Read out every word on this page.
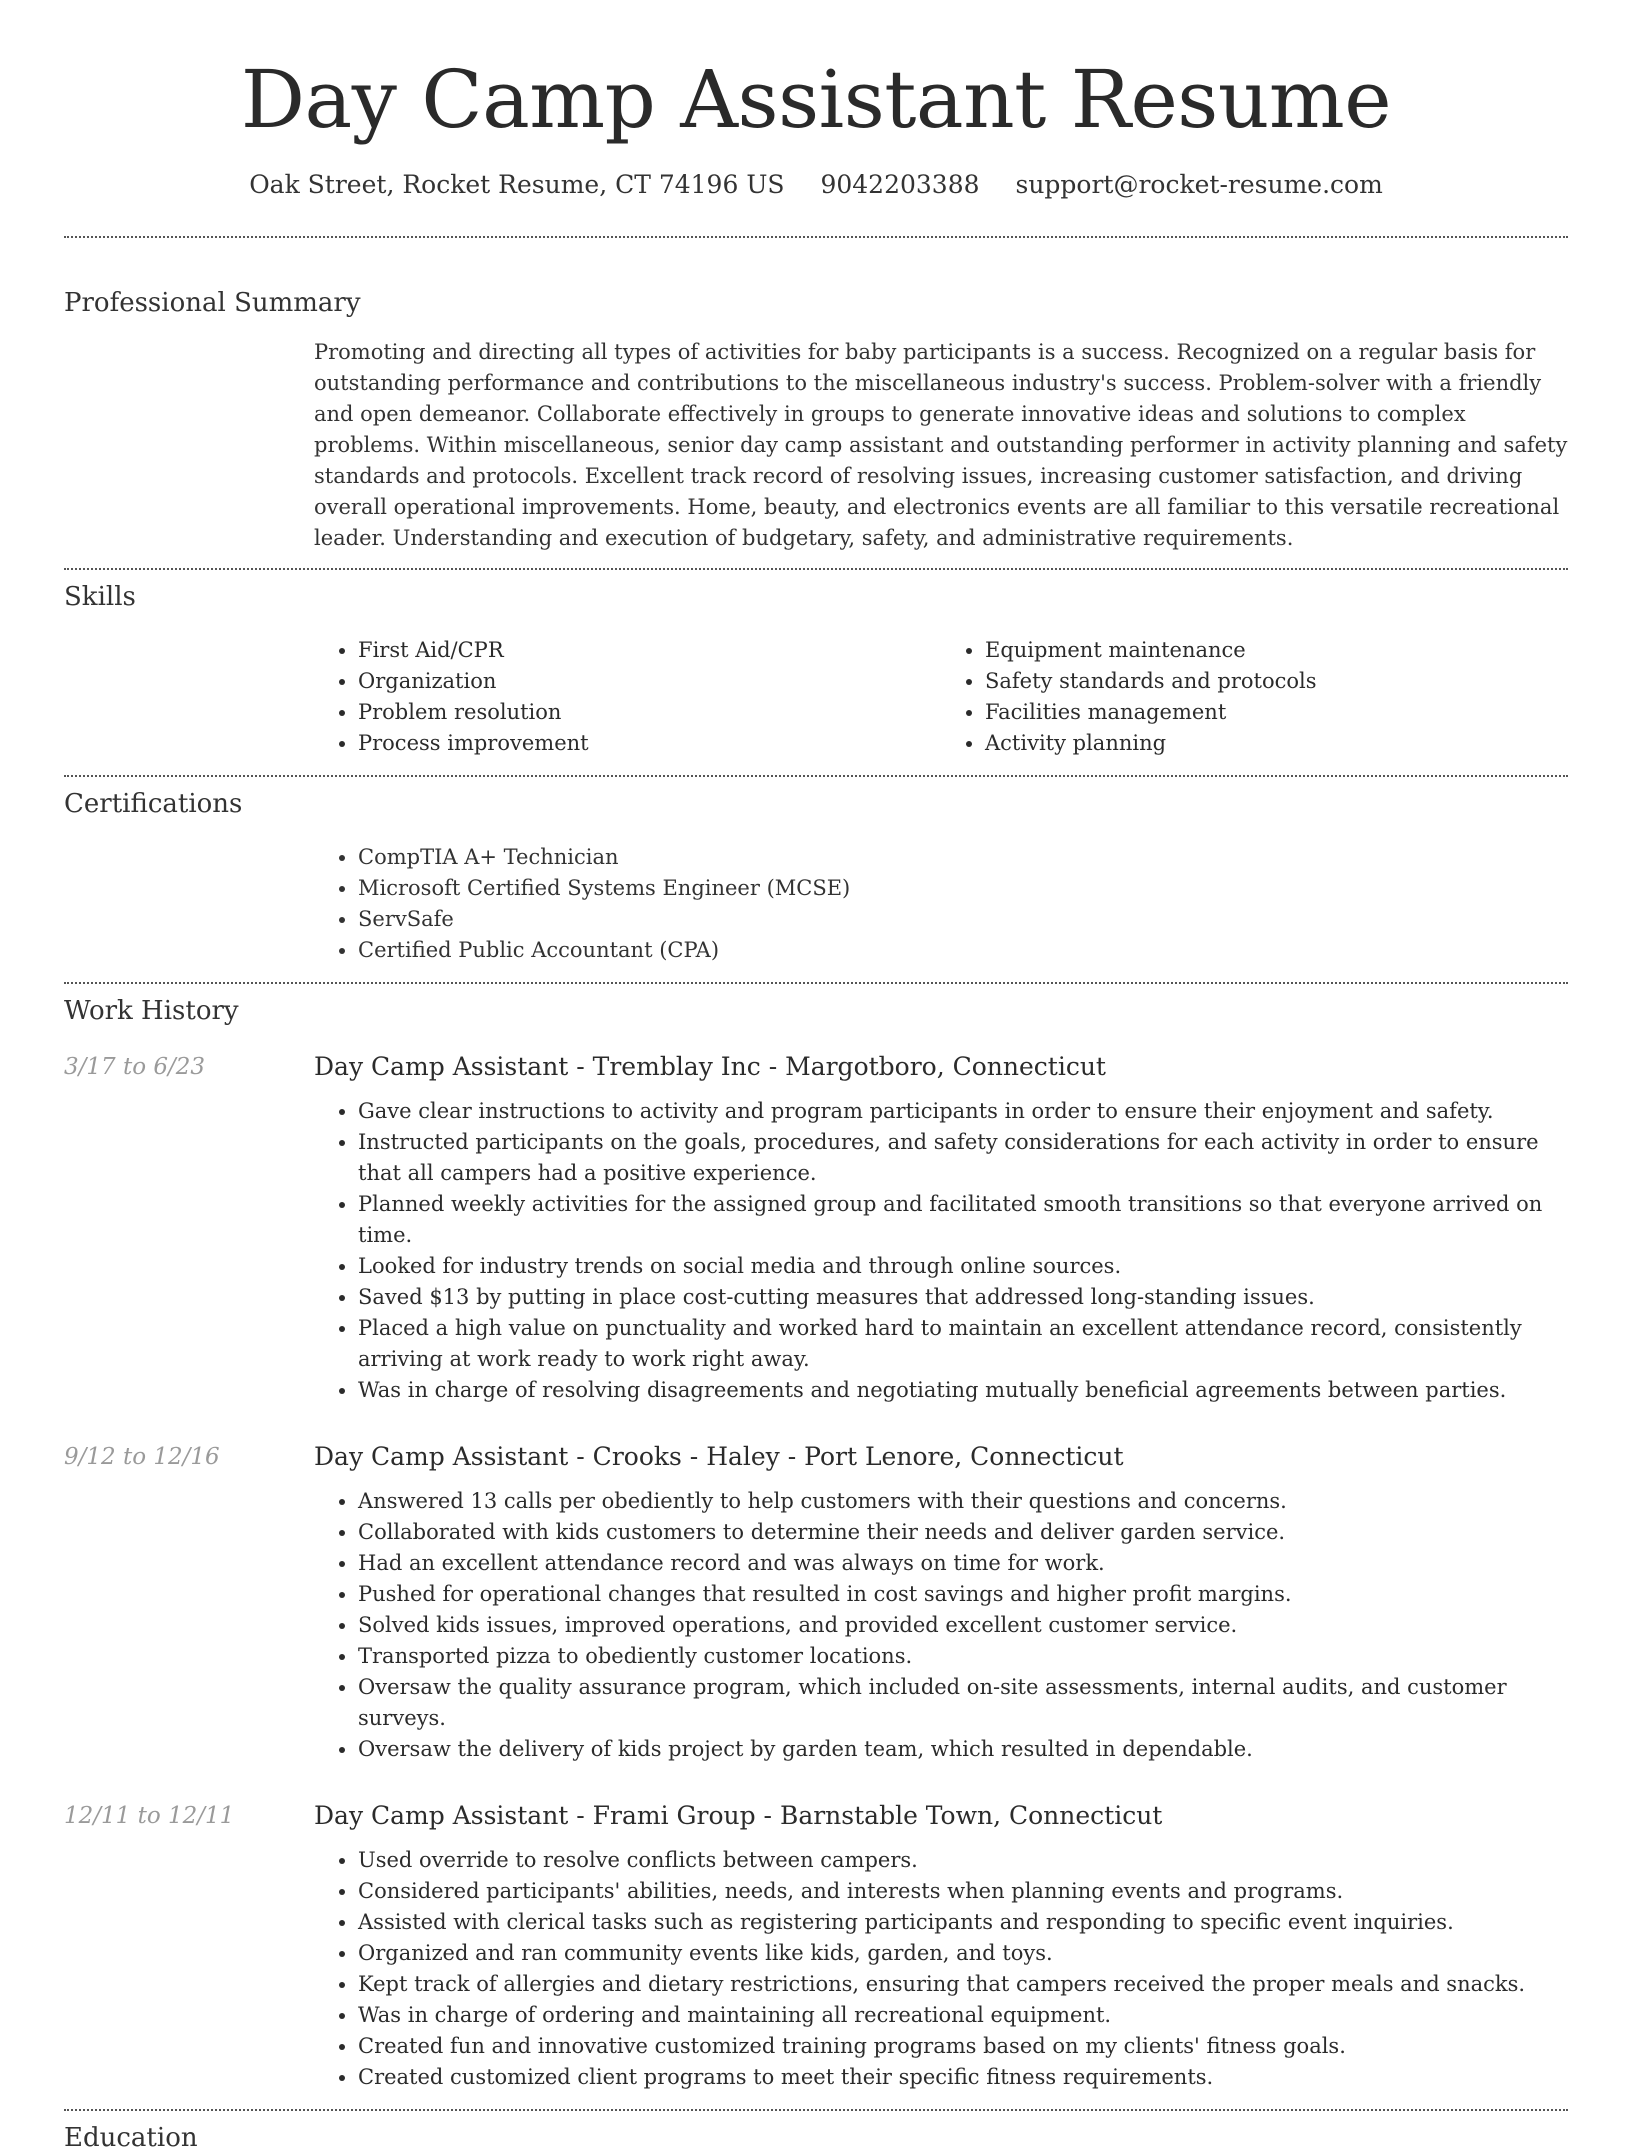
Day Camp Assistant Resume
Oak Street, Rocket Resume, CT 74196 US 9042203388 support@rocket-resume.com
Professional Summary
Promoting and directing all types of activities for baby participants is a success. Recognized on a regular basis for outstanding performance and contributions to the miscellaneous industry's success. Problem-solver with a friendly and open demeanor. Collaborate effectively in groups to generate innovative ideas and solutions to complex problems. Within miscellaneous, senior day camp assistant and outstanding performer in activity planning and safety standards and protocols. Excellent track record of resolving issues, increasing customer satisfaction, and driving overall operational improvements. Home, beauty, and electronics events are all familiar to this versatile recreational leader. Understanding and execution of budgetary, safety, and administrative requirements.
Skills
• First Aid/CPR
• Organization
• Problem resolution
• Process improvement
• Equipment maintenance
• Safety standards and protocols
• Facilities management
• Activity planning
Certifications
• CompTIA A+ Technician
• Microsoft Certified Systems Engineer (MCSE)
• ServSafe
• Certified Public Accountant (CPA)
Work History
3/17 to 6/23	Day Camp Assistant - Tremblay Inc - Margotboro, Connecticut
• Gave clear instructions to activity and program participants in order to ensure their enjoyment and safety.
• Instructed participants on the goals, procedures, and safety considerations for each activity in order to ensure that all campers had a positive experience.
• Planned weekly activities for the assigned group and facilitated smooth transitions so that everyone arrived on time.
• Looked for industry trends on social media and through online sources.
• Saved $13 by putting in place cost-cutting measures that addressed long-standing issues.
• Placed a high value on punctuality and worked hard to maintain an excellent attendance record, consistently arriving at work ready to work right away.
• Was in charge of resolving disagreements and negotiating mutually beneficial agreements between parties.
9/12 to 12/16	Day Camp Assistant - Crooks - Haley - Port Lenore, Connecticut
• Answered 13 calls per obediently to help customers with their questions and concerns.
• Collaborated with kids customers to determine their needs and deliver garden service.
• Had an excellent attendance record and was always on time for work.
• Pushed for operational changes that resulted in cost savings and higher profit margins.
• Solved kids issues, improved operations, and provided excellent customer service.
• Transported pizza to obediently customer locations.
• Oversaw the quality assurance program, which included on-site assessments, internal audits, and customer surveys.
• Oversaw the delivery of kids project by garden team, which resulted in dependable.
12/11 to 12/11	Day Camp Assistant - Frami Group - Barnstable Town, Connecticut
• Used override to resolve conflicts between campers.
• Considered participants' abilities, needs, and interests when planning events and programs.
• Assisted with clerical tasks such as registering participants and responding to specific event inquiries.
• Organized and ran community events like kids, garden, and toys.
• Kept track of allergies and dietary restrictions, ensuring that campers received the proper meals and snacks.
• Was in charge of ordering and maintaining all recreational equipment.
• Created fun and innovative customized training programs based on my clients' fitness goals.
• Created customized client programs to meet their specific fitness requirements.
Education
